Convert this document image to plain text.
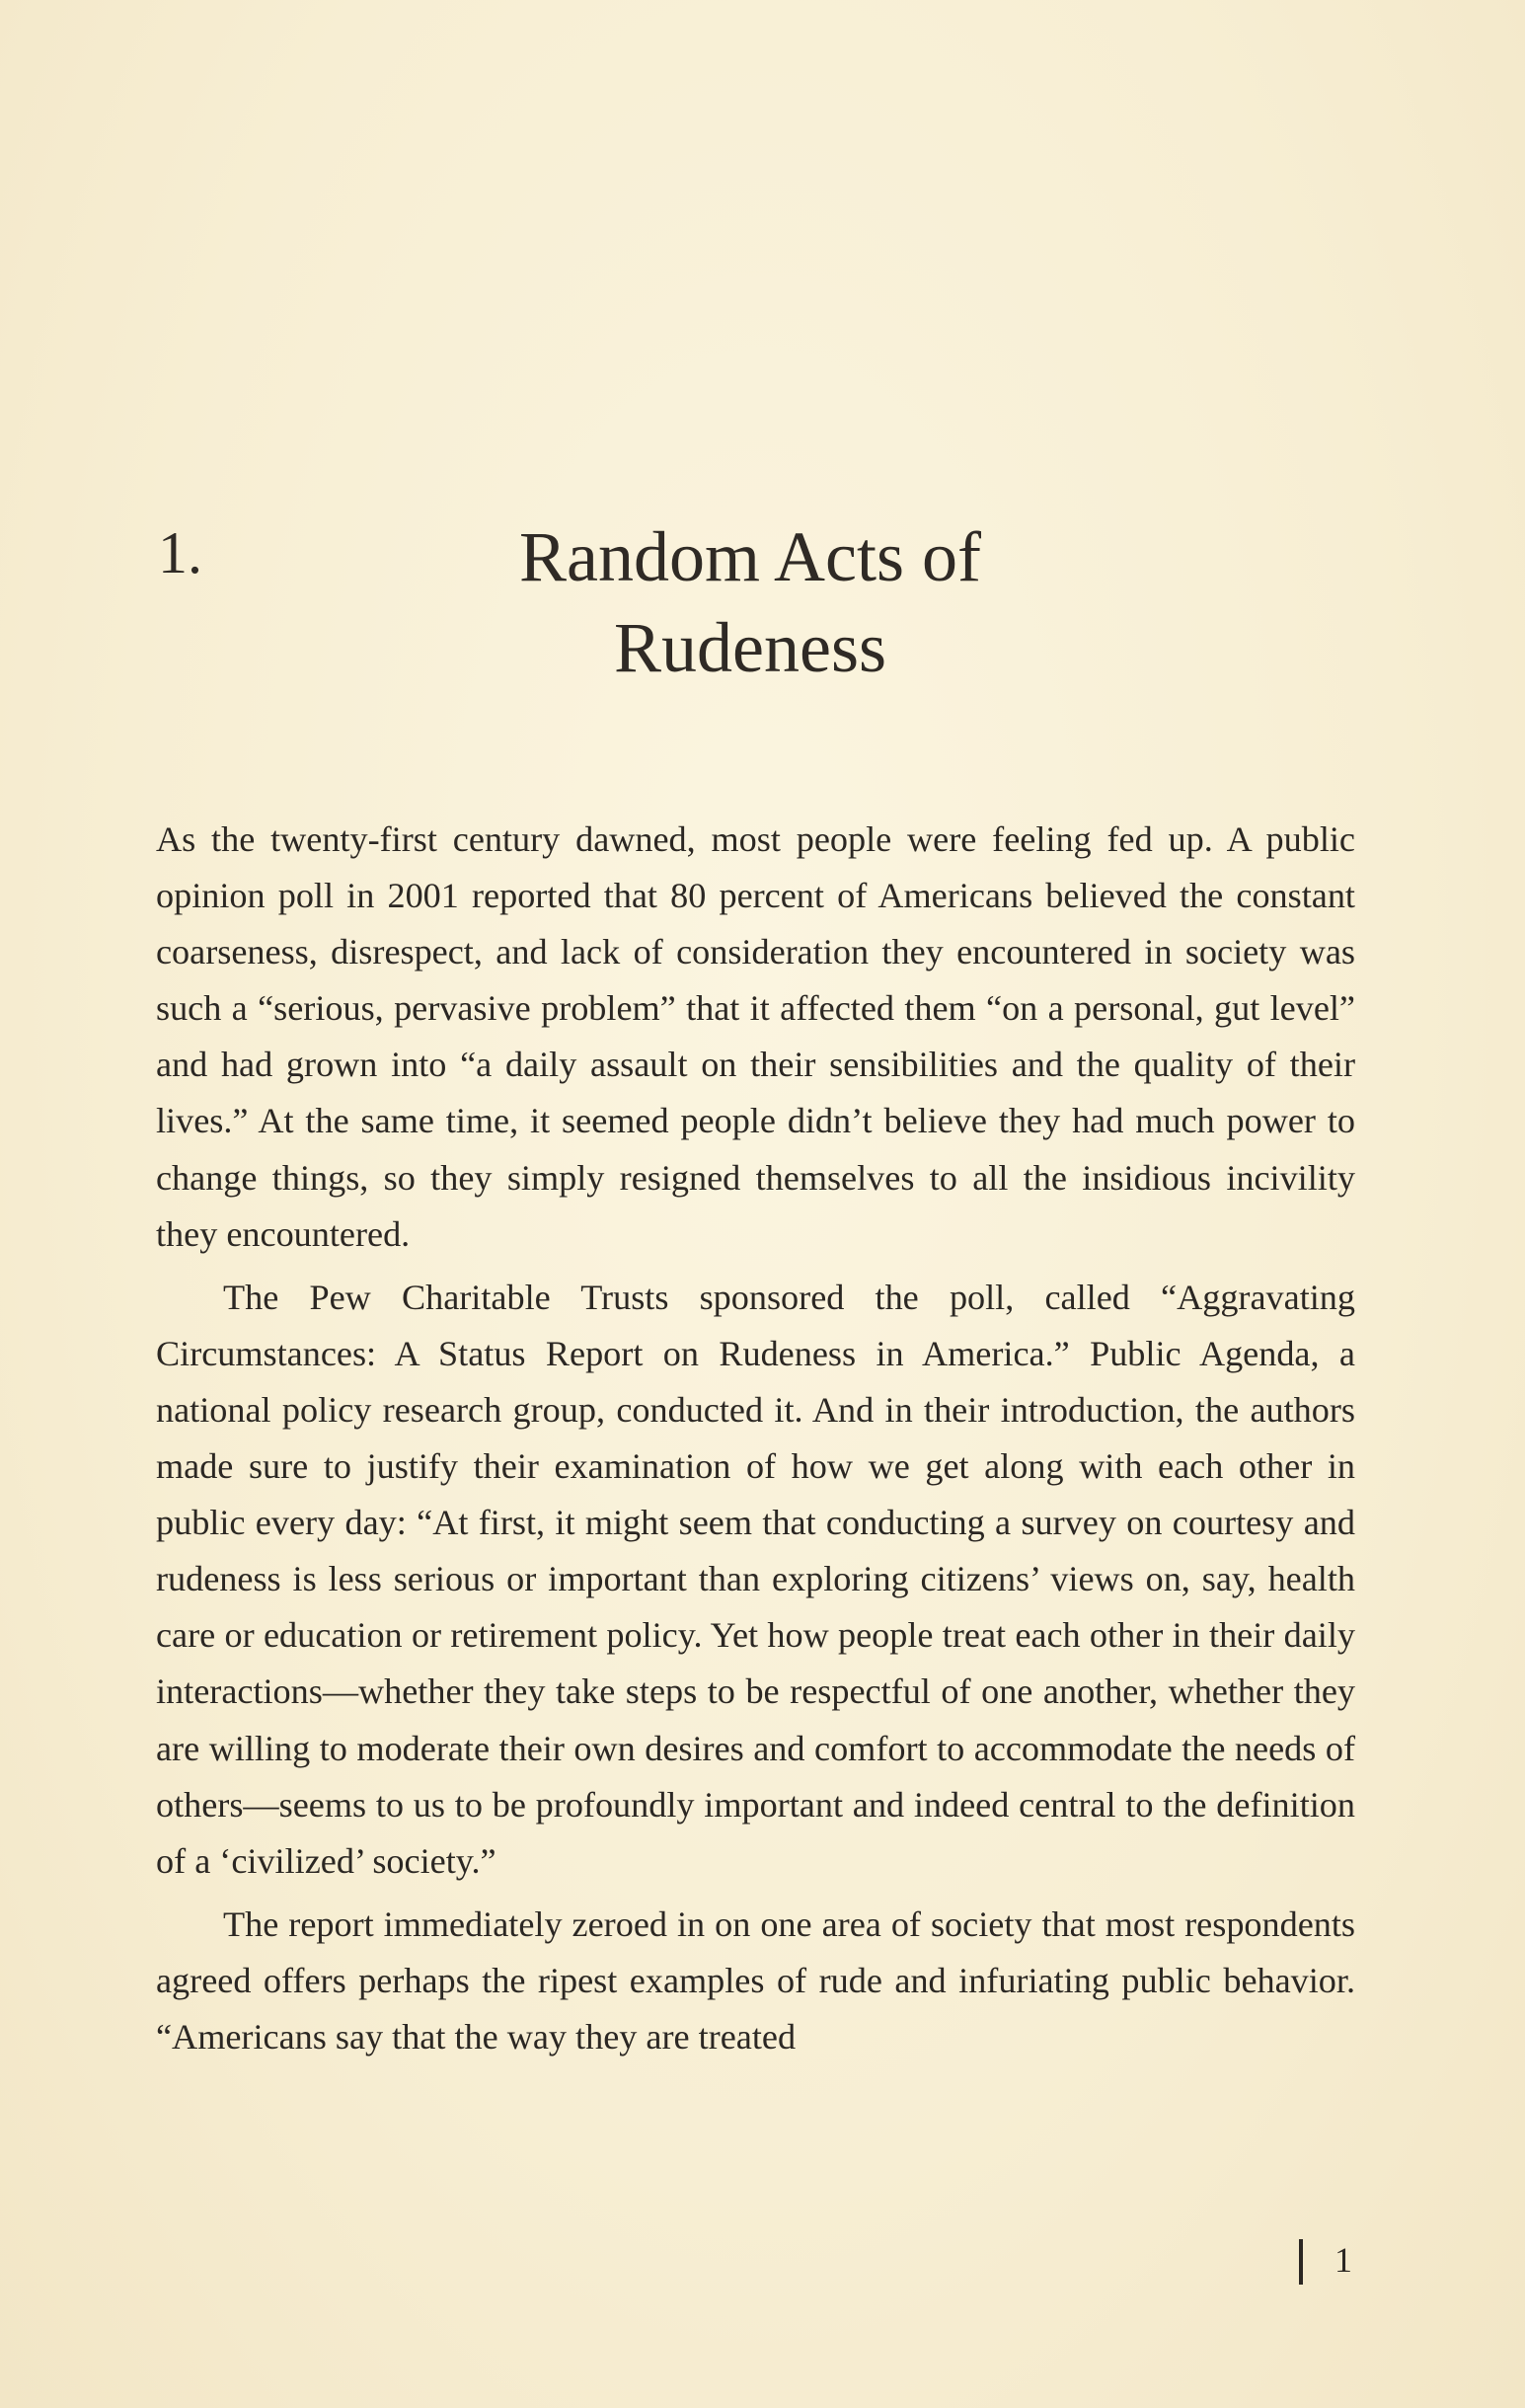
1.	Random Acts of
Rudeness

As the twenty-first century dawned, most people were feeling fed up. A public opinion poll in 2001 reported that 80 percent of Americans believed the constant coarseness, disrespect, and lack of consideration they encountered in society was such a “serious, pervasive problem” that it affected them “on a personal, gut level” and had grown into “a daily assault on their sensibilities and the quality of their lives.” At the same time, it seemed people didn’t believe they had much power to change things, so they simply resigned themselves to all the insidious incivility they encountered.

The Pew Charitable Trusts sponsored the poll, called “Aggravating Circumstances: A Status Report on Rudeness in America.” Public Agenda, a national policy research group, conducted it. And in their introduction, the authors made sure to justify their examination of how we get along with each other in public every day: “At first, it might seem that conducting a survey on courtesy and rudeness is less serious or important than exploring citizens’ views on, say, health care or education or retirement policy. Yet how people treat each other in their daily interactions—whether they take steps to be respectful of one another, whether they are willing to moderate their own desires and comfort to accommodate the needs of others—seems to us to be profoundly important and indeed central to the definition of a ‘civilized’ society.”

The report immediately zeroed in on one area of society that most respondents agreed offers perhaps the ripest examples of rude and infuriating public behavior. “Americans say that the way they are treated

1
